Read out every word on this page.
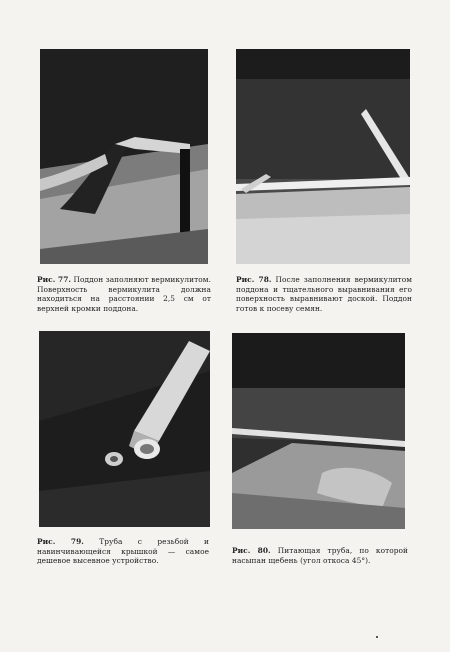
Рис. 77. Поддон заполняют вермикулитом. Поверхность вермикулита должна находиться на расстоянии 2,5 см от верхней кромки поддона.
Рис. 78. После заполнения вермикулитом поддона и тщательного выравнивания его поверхность выравнивают доской. Поддон готов к посеву семян.
Рис. 79. Труба с резьбой и навинчивающейся крышкой — самое дешевое высевное устройство.
Рис. 80. Питающая труба, по которой насыпан щебень (угол откоса 45°).
